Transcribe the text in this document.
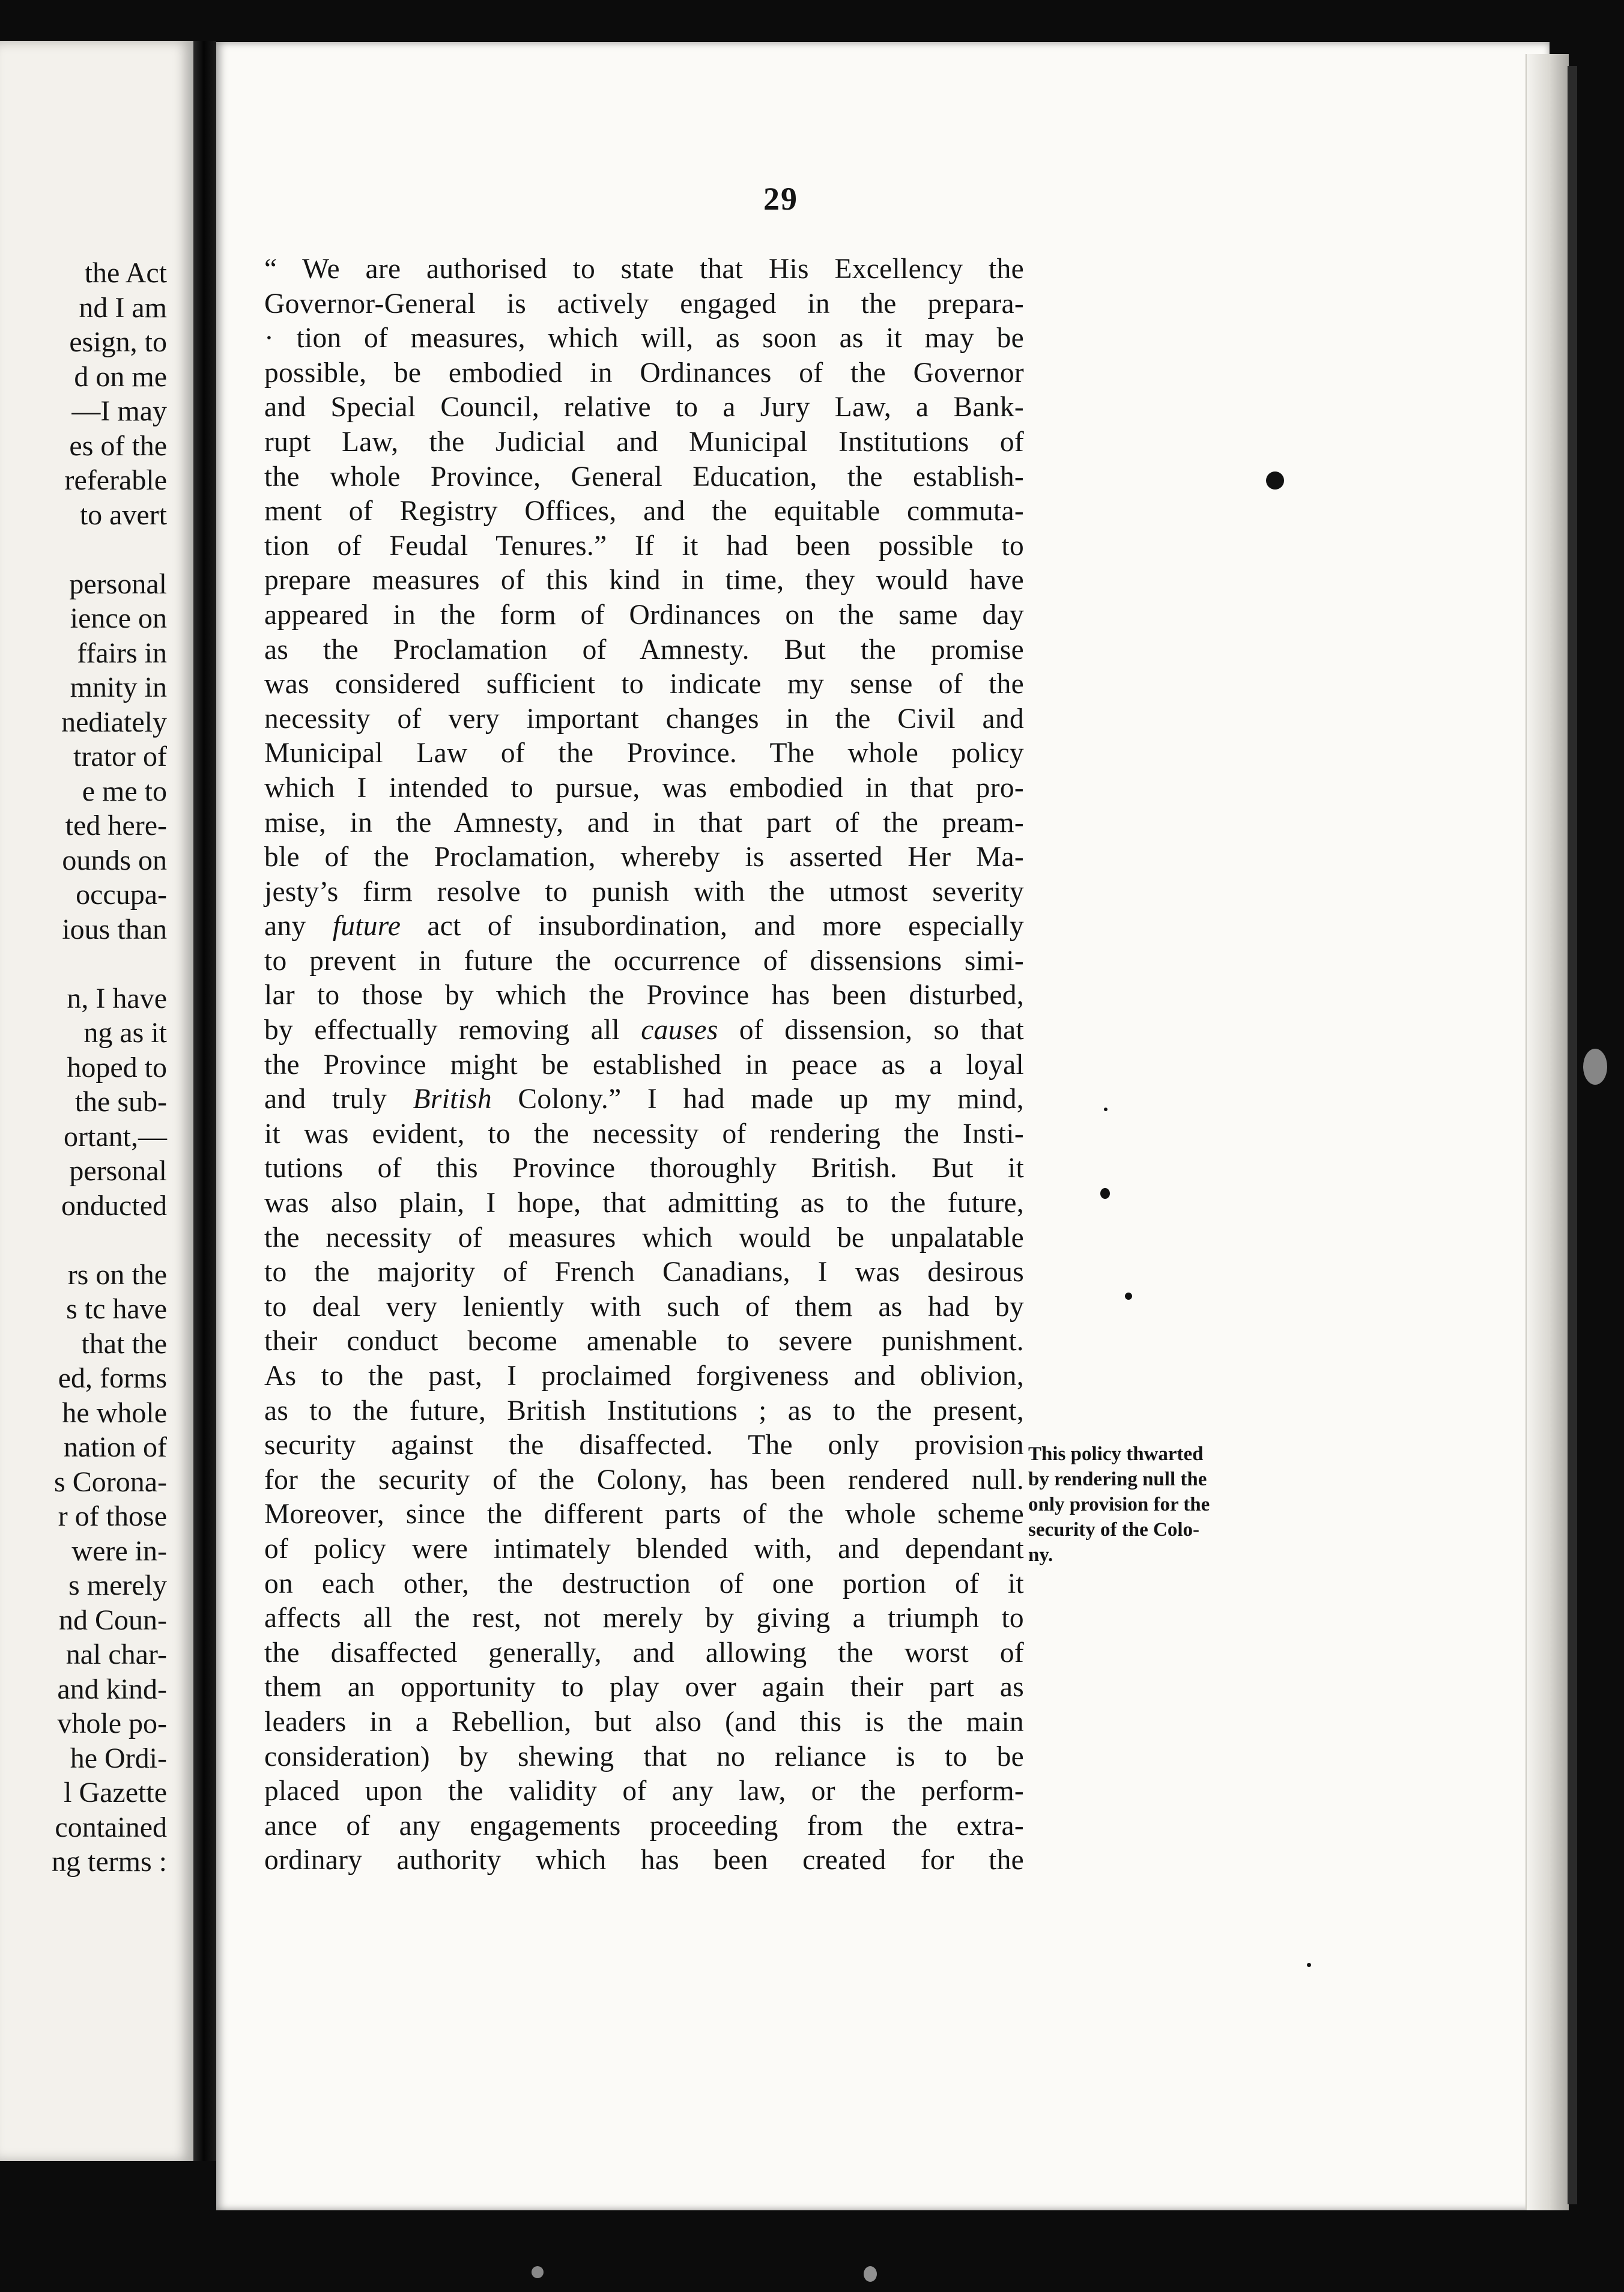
the Act
nd I am
esign, to
d on me
—I may
es of the
referable
to avert
personal
ience on
ffairs in
mnity in
nediately
trator of
e me to
ted here-
ounds on
occupa-
ious than
n, I have
ng as it
hoped to
the sub-
ortant,—
personal
onducted
rs on the
s tc have
that the
ed, forms
he whole
nation of
s Corona-
r of those
were in-
s merely
nd Coun-
nal char-
and kind-
vhole po-
he Ordi-
l Gazette
contained
ng terms :
29
“ We are authorised to state that His Excellency the
Governor-General is actively engaged in the prepara-
· tion of measures, which will, as soon as it may be
possible, be embodied in Ordinances of the Governor
and Special Council, relative to a Jury Law, a Bank-
rupt Law, the Judicial and Municipal Institutions of
the whole Province, General Education, the establish-
ment of Registry Offices, and the equitable commuta-
tion of Feudal Tenures.” If it had been possible to
prepare measures of this kind in time, they would have
appeared in the form of Ordinances on the same day
as the Proclamation of Amnesty. But the promise
was considered sufficient to indicate my sense of the
necessity of very important changes in the Civil and
Municipal Law of the Province. The whole policy
which I intended to pursue, was embodied in that pro-
mise, in the Amnesty, and in that part of the pream-
ble of the Proclamation, whereby is asserted Her Ma-
jesty’s firm resolve to punish with the utmost severity
any future act of insubordination, and more especially
to prevent in future the occurrence of dissensions simi-
lar to those by which the Province has been disturbed,
by effectually removing all causes of dissension, so that
the Province might be established in peace as a loyal
and truly British Colony.” I had made up my mind,
it was evident, to the necessity of rendering the Insti-
tutions of this Province thoroughly British. But it
was also plain, I hope, that admitting as to the future,
the necessity of measures which would be unpalatable
to the majority of French Canadians, I was desirous
to deal very leniently with such of them as had by
their conduct become amenable to severe punishment.
As to the past, I proclaimed forgiveness and oblivion,
as to the future, British Institutions ; as to the present,
security against the disaffected. The only provision
for the security of the Colony, has been rendered null.
Moreover, since the different parts of the whole scheme
of policy were intimately blended with, and dependant
on each other, the destruction of one portion of it
affects all the rest, not merely by giving a triumph to
the disaffected generally, and allowing the worst of
them an opportunity to play over again their part as
leaders in a Rebellion, but also (and this is the main
consideration) by shewing that no reliance is to be
placed upon the validity of any law, or the perform-
ance of any engagements proceeding from the extra-
ordinary authority which has been created for the
This policy thwarted
by rendering null the
only provision for the
security of the Colo-
ny.
